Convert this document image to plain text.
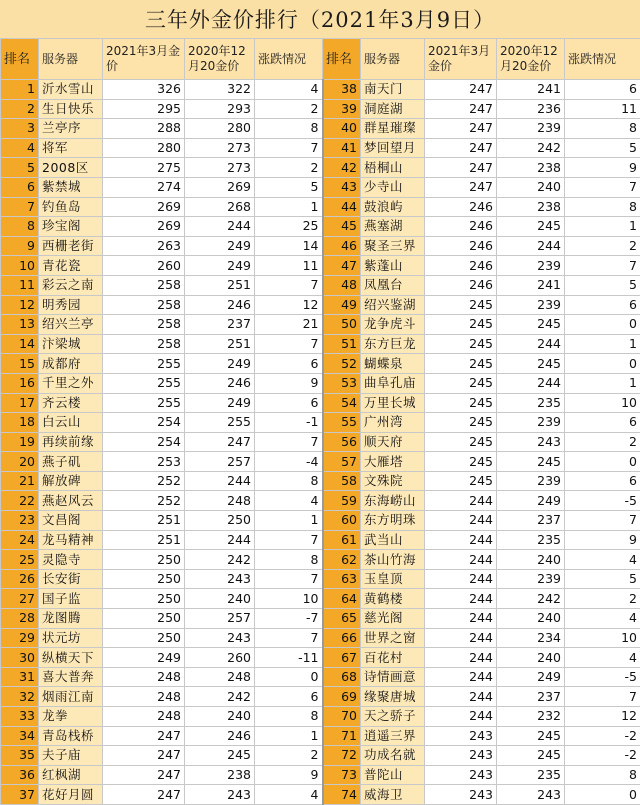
三年外金价排行（2021年3月9日）
排名	服务器	2021年3月金价	2020年12月20金价	涨跌情况	排名	服务器	2021年3月金价	2020年12月20金价	涨跌情况
1	沂水雪山	326	322	4	38	南天门	247	241	6
2	生日快乐	295	293	2	39	洞庭湖	247	236	11
3	兰亭序	288	280	8	40	群星璀璨	247	239	8
4	将军	280	273	7	41	梦回望月	247	242	5
5	2008区	275	273	2	42	梧桐山	247	238	9
6	紫禁城	274	269	5	43	少寺山	247	240	7
7	钓鱼岛	269	268	1	44	鼓浪屿	246	238	8
8	珍宝阁	269	244	25	45	燕塞湖	246	245	1
9	西栅老街	263	249	14	46	聚圣三界	246	244	2
10	青花瓷	260	249	11	47	紫蓬山	246	239	7
11	彩云之南	258	251	7	48	凤凰台	246	241	5
12	明秀园	258	246	12	49	绍兴鉴湖	245	239	6
13	绍兴兰亭	258	237	21	50	龙争虎斗	245	245	0
14	汴梁城	258	251	7	51	东方巨龙	245	244	1
15	成都府	255	249	6	52	蝴蝶泉	245	245	0
16	千里之外	255	246	9	53	曲阜孔庙	245	244	1
17	齐云楼	255	249	6	54	万里长城	245	235	10
18	白云山	254	255	-1	55	广州湾	245	239	6
19	再续前缘	254	247	7	56	顺天府	245	243	2
20	燕子矶	253	257	-4	57	大雁塔	245	245	0
21	解放碑	252	244	8	58	文殊院	245	239	6
22	燕赵风云	252	248	4	59	东海崂山	244	249	-5
23	文昌阁	251	250	1	60	东方明珠	244	237	7
24	龙马精神	251	244	7	61	武当山	244	235	9
25	灵隐寺	250	242	8	62	茶山竹海	244	240	4
26	长安街	250	243	7	63	玉皇顶	244	239	5
27	国子监	250	240	10	64	黄鹤楼	244	242	2
28	龙图腾	250	257	-7	65	慈光阁	244	240	4
29	状元坊	250	243	7	66	世界之窗	244	234	10
30	纵横天下	249	260	-11	67	百花村	244	240	4
31	喜大普奔	248	248	0	68	诗情画意	244	249	-5
32	烟雨江南	248	242	6	69	缘聚唐城	244	237	7
33	龙拳	248	240	8	70	天之骄子	244	232	12
34	青岛栈桥	247	246	1	71	逍遥三界	243	245	-2
35	夫子庙	247	245	2	72	功成名就	243	245	-2
36	红枫湖	247	238	9	73	普陀山	243	235	8
37	花好月圆	247	243	4	74	威海卫	243	243	0
